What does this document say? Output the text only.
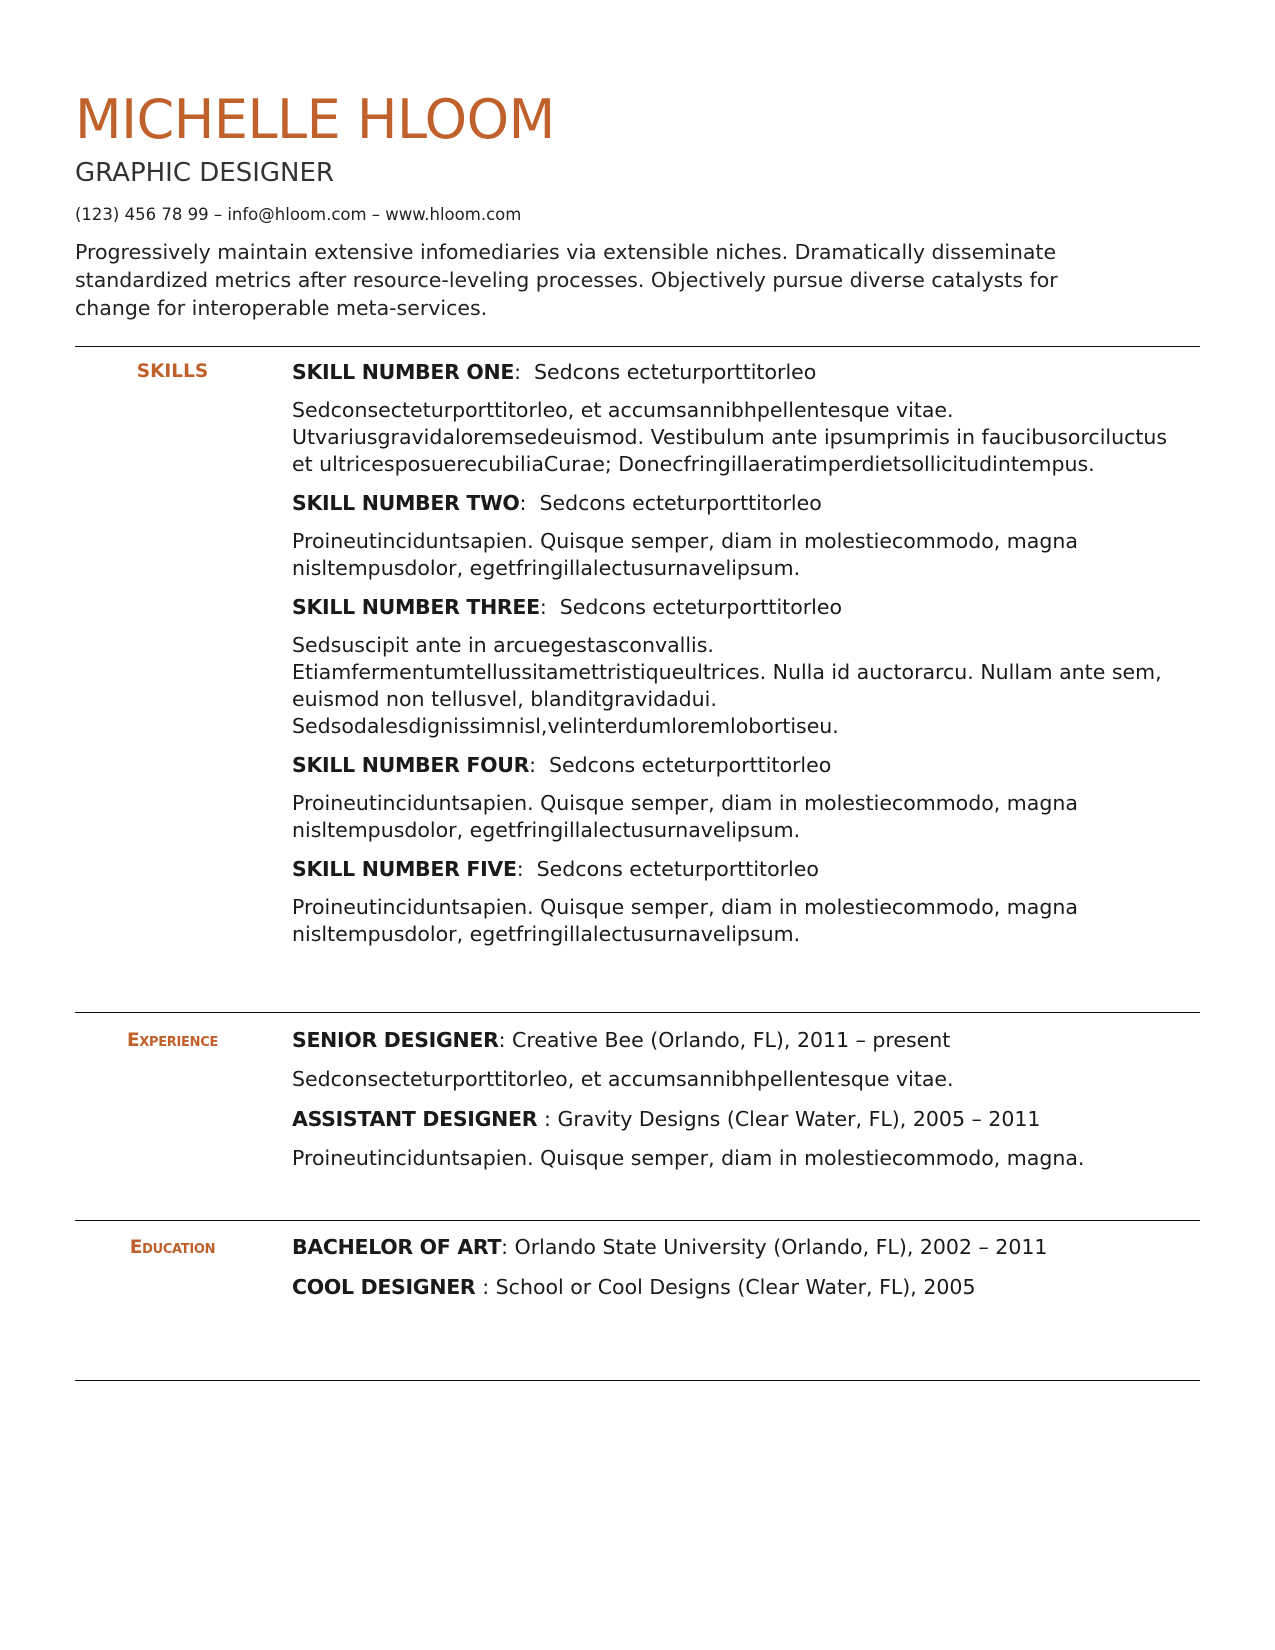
MICHELLE HLOOM
GRAPHIC DESIGNER
(123) 456 78 99 – info@hloom.com – www.hloom.com

Progressively maintain extensive infomediaries via extensible niches. Dramatically disseminate standardized metrics after resource-leveling processes. Objectively pursue diverse catalysts for change for interoperable meta-services.

SKILLS	SKILL NUMBER ONE:  Sedcons ecteturporttitorleo

Sedconsecteturporttitorleo, et accumsannibhpellentesque vitae. Utvariusgravidaloremsedeuismod. Vestibulum ante ipsumprimis in faucibusorciluctus et ultricesposuerecubiliaCurae; Donecfringillaeratimperdietsollicitudintempus.

SKILL NUMBER TWO:  Sedcons ecteturporttitorleo

Proineutinciduntsapien. Quisque semper, diam in molestiecommodo, magna nisltempusdolor, egetfringillalectusurnavelipsum.

SKILL NUMBER THREE:  Sedcons ecteturporttitorleo

Sedsuscipit ante in arcuegestasconvallis. Etiamfermentumtellussitamettristiqueultrices. Nulla id auctorarcu. Nullam ante sem, euismod non tellusvel, blanditgravidadui. Sedsodalesdignissimnisl,velinterdumloremlobortiseu.

SKILL NUMBER FOUR:  Sedcons ecteturporttitorleo

Proineutinciduntsapien. Quisque semper, diam in molestiecommodo, magna nisltempusdolor, egetfringillalectusurnavelipsum.

SKILL NUMBER FIVE:  Sedcons ecteturporttitorleo

Proineutinciduntsapien. Quisque semper, diam in molestiecommodo, magna nisltempusdolor, egetfringillalectusurnavelipsum.

Experience	SENIOR DESIGNER: Creative Bee (Orlando, FL), 2011 – present

Sedconsecteturporttitorleo, et accumsannibhpellentesque vitae.

ASSISTANT DESIGNER : Gravity Designs (Clear Water, FL), 2005 – 2011

Proineutinciduntsapien. Quisque semper, diam in molestiecommodo, magna.

Education	BACHELOR OF ART: Orlando State University (Orlando, FL), 2002 – 2011

COOL DESIGNER : School or Cool Designs (Clear Water, FL), 2005
